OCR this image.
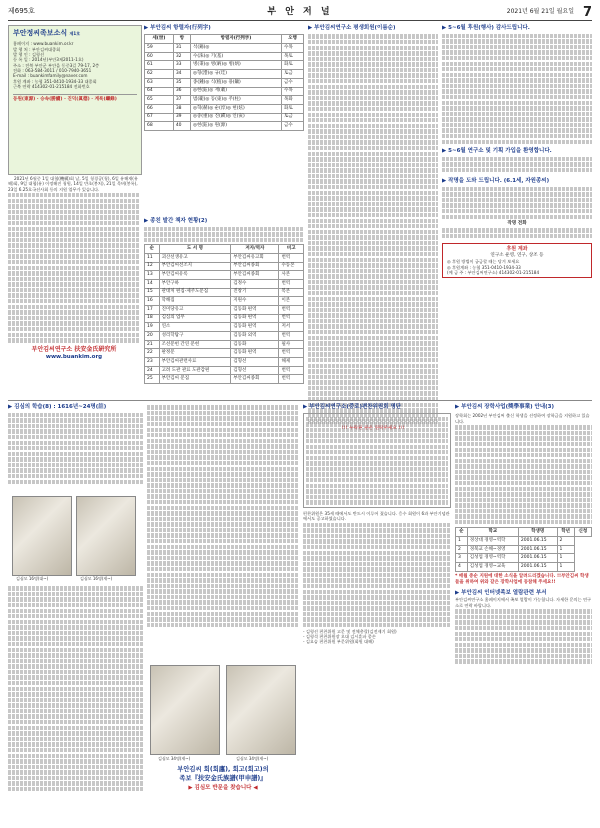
제695호	부 안 저 널	2021년 6월 21일 월요일 7
부안정씨족보소식 제1호
홈페이지 : www.buankim.or.kr
발 행 처 : 부안김씨대종회
발 행 인 : 김형선
등 록 일 : 2014년(부안3제2011-1호)
주소 : 전북 부안군 부안읍 동중3길 79-17, 2층
전화 : 063-584-3011 / 010-7940-3651
E-mail : buankimfamily@naver.com
후원 계좌 : 농협 351-0410-1934-33 대종회
근북 연락 414302-01-215184 전화번호
동원(東源) · 승속(勝續) · 진덕(眞德) · 계록(繼錄)
2021년 6월중 1일 대협(機構)회 날, 5일 청경공(청), 6일 유해재(유해)회, 9일 대협(유) 이정해진 청원, 14일 반초(봉처), 21일 목버(봉록), 23일 6.25호국선사회 등의 지원 업무가 있습니다.
부안김씨연구소 扶安金氏硏究所
www.buankim.org
▶ 부안김씨 항렬자(行列字)
세(世)	항	항렬자(行列字)	오행
59	31	석(錫)◎	수목
60	32	수(洙)◎ 기(基)	목토
61	33	병(秉)◎ 병(昞)◎ 병(炳)	화토
62	34	◎형(灐)◎ 규(珪)	토금
63	35	종(鍾)◎ 식(植)◎ 용(鏞)	금수
64	36	◎현(鉉)◎ 재(載)	수목
65	37	범(範)◎ 동(東)◎ 주(柱)	목화
66	38	◎혁(赫)◎ 순(淳)◎ 현(炫)	화토
67	39	◎중(重)◎ 진(鎭)◎ 인(寅)	토금
68	40	◎현(鉉)◎ 원(源)	금수
▶ 종친 발간 책자 현황(2)
순	도 서 명	저자/역자	비고
11	괴산선생유고	부안김씨유고회	번역
12	부안김씨선조지	부안김씨종회	수동본
13	부안김씨유록	부안김씨종회	사본
14	부안구하	김정수	번역
15	관대처 편집-제주도문집	진창기	복본
16	학해집	지원수	이본
17	진미당유고	김동화 편역	번역
18	김심의 업무	김동화 편역	번역
19	연소	김동화 편역	저서
20	성리학탐구	김동화 외역	번역
21	조선문헌 간연 문헌	김동화	필사
22	판정문	김동화 편역	번역
23	부안김씨관련사료	김형선	해제
24	고려 도관 관료 도관감편	김형선	번역
25	부안김씨 문집	부안김씨종회	번역
▶ 부안김씨연구소 평생회원(이름순)	▶ 5~6월 후원(행사) 감사드립니다.
▶ 5~6월 연구소 및 기획 가입을 환영합니다.
▶ 작명을 도와 드립니다. (6.1세, 자원종씨)
작명 전화
후원 계좌
연구소 운영, 연구, 상조 등
◎ 후원 방법이 궁금할 때는 당겨 보세요
◎ 후원계좌 : 농협 351-0410-1934-33
(예 금 주 : 부안김씨연구소) 414302-01-215184
▶ 김심의 학습(8) : 1616년~24명(註)
김심모 16명(대~)	김심모 16명(제~)
김심모 34명(제~)	김심모 34명(제~)
부안김씨 회(회廛), 회고(회고)의
족보『扶安金氏族譜(甲申譜)』
▶ 김심모 반문을 찾습니다 ◀
▶ 부안김씨연구소(중로)편찬위원회 명단
편찬위원은 35세 때에서도 반드시 이루어 졌습니다. 응수 회원이 6과 부안기념관에서도 공고하였습니다.
- 김형선 편찬위원 고문 및 전체총괄(김전제기 회원)
- 김형석 편찬위원장 오대 김시훈파 종손
- 김요습 편찬위원 부문위원(회원 대해)
▶ 부안김씨 장학사업(獎學事業) 안내(3)
장학회는 2002년 부안김씨 출신 학생을 선정하여 장학금을 지원하고 있습니다.
순	학교	학생명	학년	신청
1	경상대 경영~역학	2001.06.15	2	
2	경북교 손해~경영	2001.06.15	1	
3	김성업 경영~역학	2001.06.15	1	
4	김성업 경영~교육	2001.06.15	1	
* 매월 중순 지원에 대한 소식을 알려드리겠습니다. !!부안김씨 학생들을 위하여 위와 같은 장학사업에 동참해 주세요!!
▶ 부안김씨 인터넷족보 열람관련 부서
부안김씨연구소 홈페이지에서 족보 열람이 가능합니다. 자세한 문의는 연구소로 연락 바랍니다.
